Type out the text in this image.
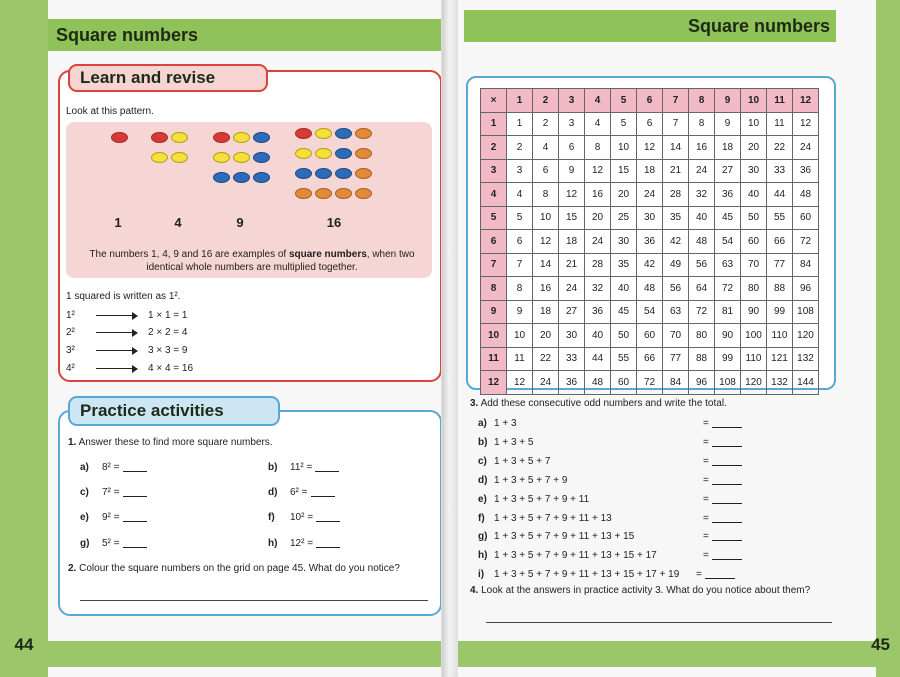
Square numbers
Learn and revise
Look at this pattern.
1	4	9	16
The numbers 1, 4, 9 and 16 are examples of square numbers, when two identical whole numbers are multiplied together.
1 squared is written as 1².
1²	1 × 1 = 1
2²	2 × 2 = 4
3²	3 × 3 = 9
4²	4 × 4 = 16
Practice activities
1. Answer these to find more square numbers.
a)	8² =	b)	11² =
c)	7² =	d)	6² =
e)	9² =	f)	10² =
g)	5² =	h)	12² =
2. Colour the square numbers on the grid on page 45. What do you notice?
44
Square numbers
×	1	2	3	4	5	6	7	8	9	10	11	12
1	1	2	3	4	5	6	7	8	9	10	11	12
2	2	4	6	8	10	12	14	16	18	20	22	24
3	3	6	9	12	15	18	21	24	27	30	33	36
4	4	8	12	16	20	24	28	32	36	40	44	48
5	5	10	15	20	25	30	35	40	45	50	55	60
6	6	12	18	24	30	36	42	48	54	60	66	72
7	7	14	21	28	35	42	49	56	63	70	77	84
8	8	16	24	32	40	48	56	64	72	80	88	96
9	9	18	27	36	45	54	63	72	81	90	99	108
10	10	20	30	40	50	60	70	80	90	100	110	120
11	11	22	33	44	55	66	77	88	99	110	121	132
12	12	24	36	48	60	72	84	96	108	120	132	144
3. Add these consecutive odd numbers and write the total.
a) 1 + 3	=
b) 1 + 3 + 5	=
c) 1 + 3 + 5 + 7	=
d) 1 + 3 + 5 + 7 + 9	=
e) 1 + 3 + 5 + 7 + 9 + 11	=
f) 1 + 3 + 5 + 7 + 9 + 11 + 13	=
g) 1 + 3 + 5 + 7 + 9 + 11 + 13 + 15	=
h) 1 + 3 + 5 + 7 + 9 + 11 + 13 + 15 + 17	=
i) 1 + 3 + 5 + 7 + 9 + 11 + 13 + 15 + 17 + 19 =
4. Look at the answers in practice activity 3. What do you notice about them?
45
